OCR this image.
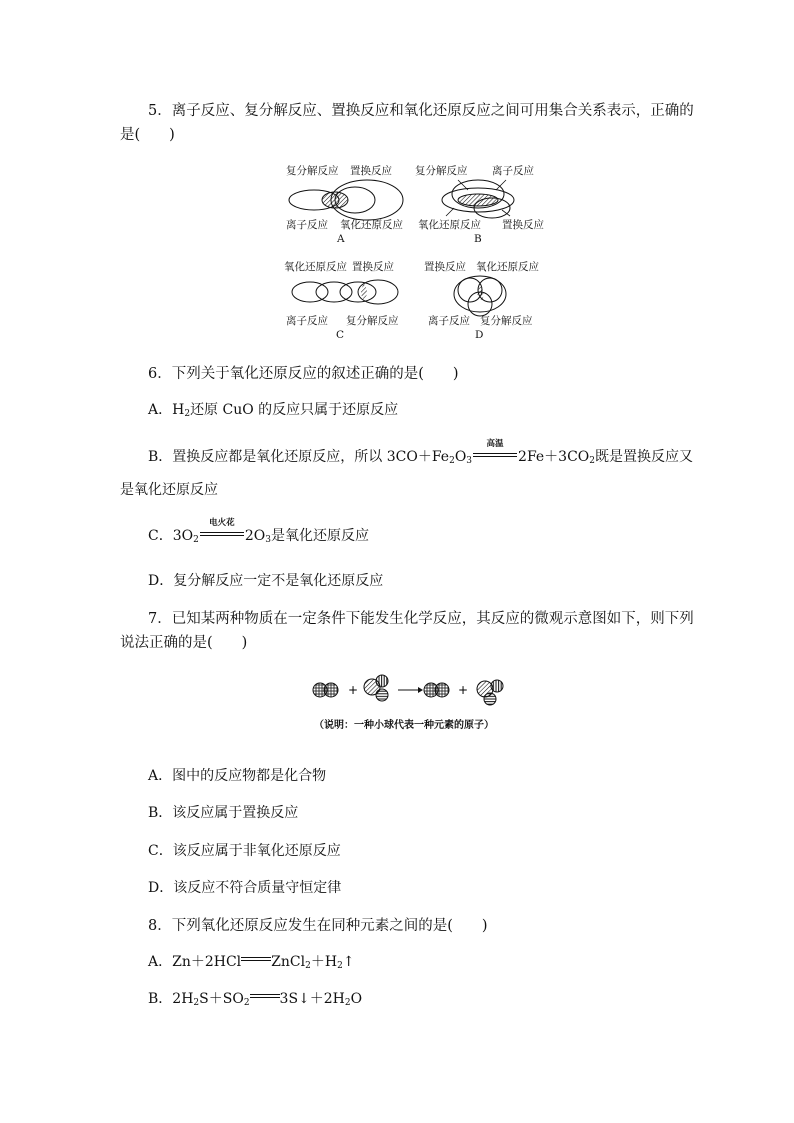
5．离子反应、复分解反应、置换反应和氧化还原反应之间可用集合关系表示，正确的
是(　　)
复分解反应 置换反应
离子反应 氧化还原反应
A
复分解反应 离子反应
氧化还原反应 置换反应
B
氧化还原反应 置换反应
离子反应 复分解反应
C
置换反应 氧化还原反应
离子反应 复分解反应
D
6．下列关于氧化还原反应的叙述正确的是(　　)
A．$H_2$还原 CuO 的反应只属于还原反应
B．置换反应都是氧化还原反应，所以 $3CO+Fe_2O_3$
高温
$2Fe+3CO_2$既是置换反应又
是氧化还原反应
C．$3O_2$
电火花
$2O_3$是氧化还原反应
D．复分解反应一定不是氧化还原反应
7．已知某两种物质在一定条件下能发生化学反应，其反应的微观示意图如下，则下列
说法正确的是(　　)
+	+
（说明：一种小球代表一种元素的原子）
A．图中的反应物都是化合物
B．该反应属于置换反应
C．该反应属于非氧化还原反应
D．该反应不符合质量守恒定律
8．下列氧化还原反应发生在同种元素之间的是(　　)
A．Zn＋2HCl $ZnCl_2+H_2↑$
B．$2H_2S+SO_2$ $3S↓+2H_2O$
